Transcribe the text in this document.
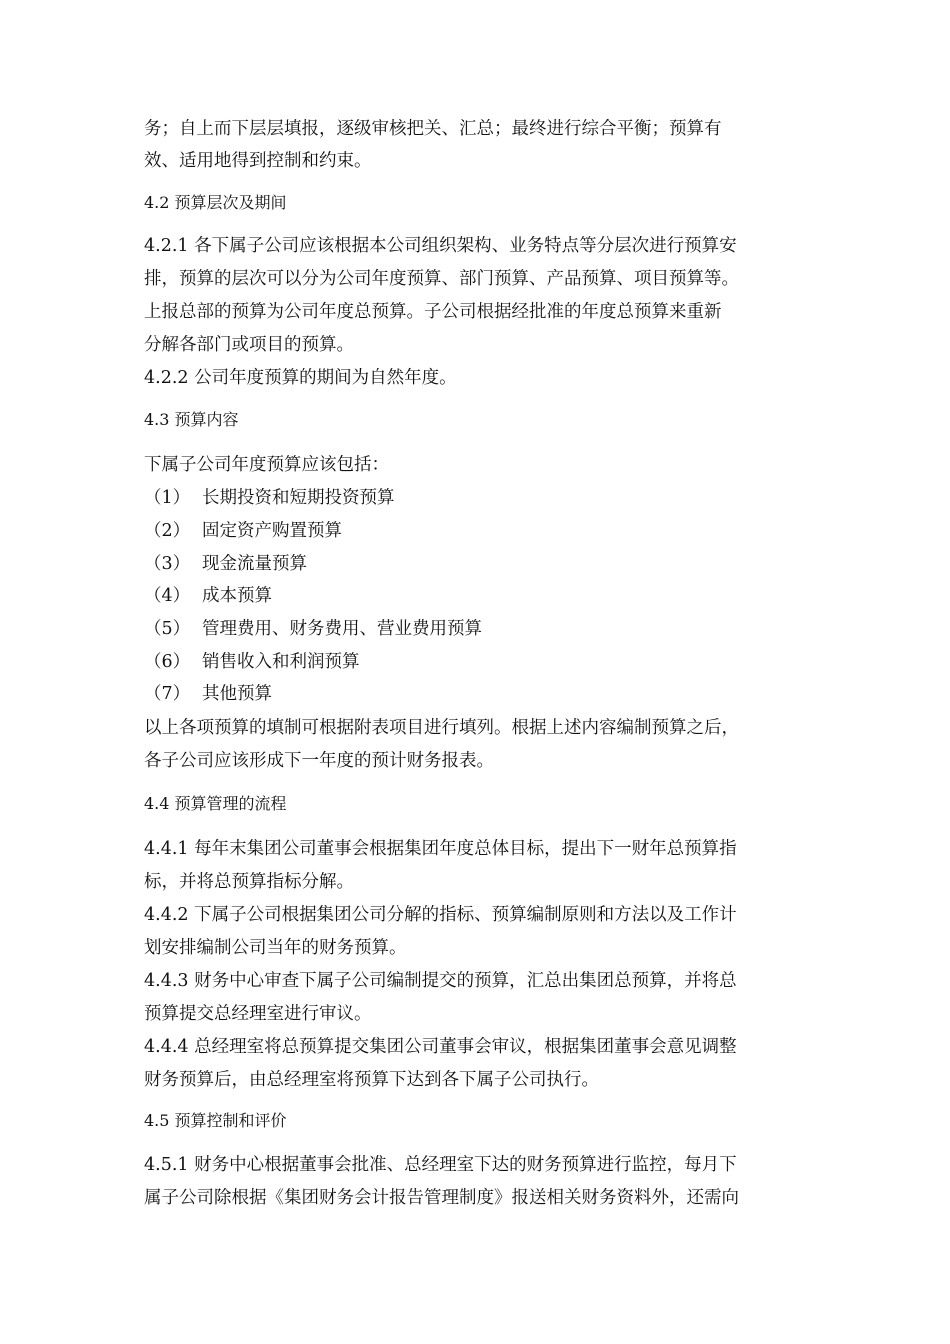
务；自上而下层层填报，逐级审核把关、汇总；最终进行综合平衡；预算有
效、适用地得到控制和约束。
4.2 预算层次及期间
4.2.1 各下属子公司应该根据本公司组织架构、业务特点等分层次进行预算安
排，预算的层次可以分为公司年度预算、部门预算、产品预算、项目预算等。
上报总部的预算为公司年度总预算。子公司根据经批准的年度总预算来重新
分解各部门或项目的预算。
4.2.2 公司年度预算的期间为自然年度。
4.3 预算内容
下属子公司年度预算应该包括：
（1） 长期投资和短期投资预算
（2） 固定资产购置预算
（3） 现金流量预算
（4） 成本预算
（5） 管理费用、财务费用、营业费用预算
（6） 销售收入和利润预算
（7） 其他预算
以上各项预算的填制可根据附表项目进行填列。根据上述内容编制预算之后，
各子公司应该形成下一年度的预计财务报表。
4.4 预算管理的流程
4.4.1 每年末集团公司董事会根据集团年度总体目标，提出下一财年总预算指
标，并将总预算指标分解。
4.4.2 下属子公司根据集团公司分解的指标、预算编制原则和方法以及工作计
划安排编制公司当年的财务预算。
4.4.3 财务中心审查下属子公司编制提交的预算，汇总出集团总预算，并将总
预算提交总经理室进行审议。
4.4.4 总经理室将总预算提交集团公司董事会审议，根据集团董事会意见调整
财务预算后，由总经理室将预算下达到各下属子公司执行。
4.5 预算控制和评价
4.5.1 财务中心根据董事会批准、总经理室下达的财务预算进行监控，每月下
属子公司除根据《集团财务会计报告管理制度》报送相关财务资料外，还需向
